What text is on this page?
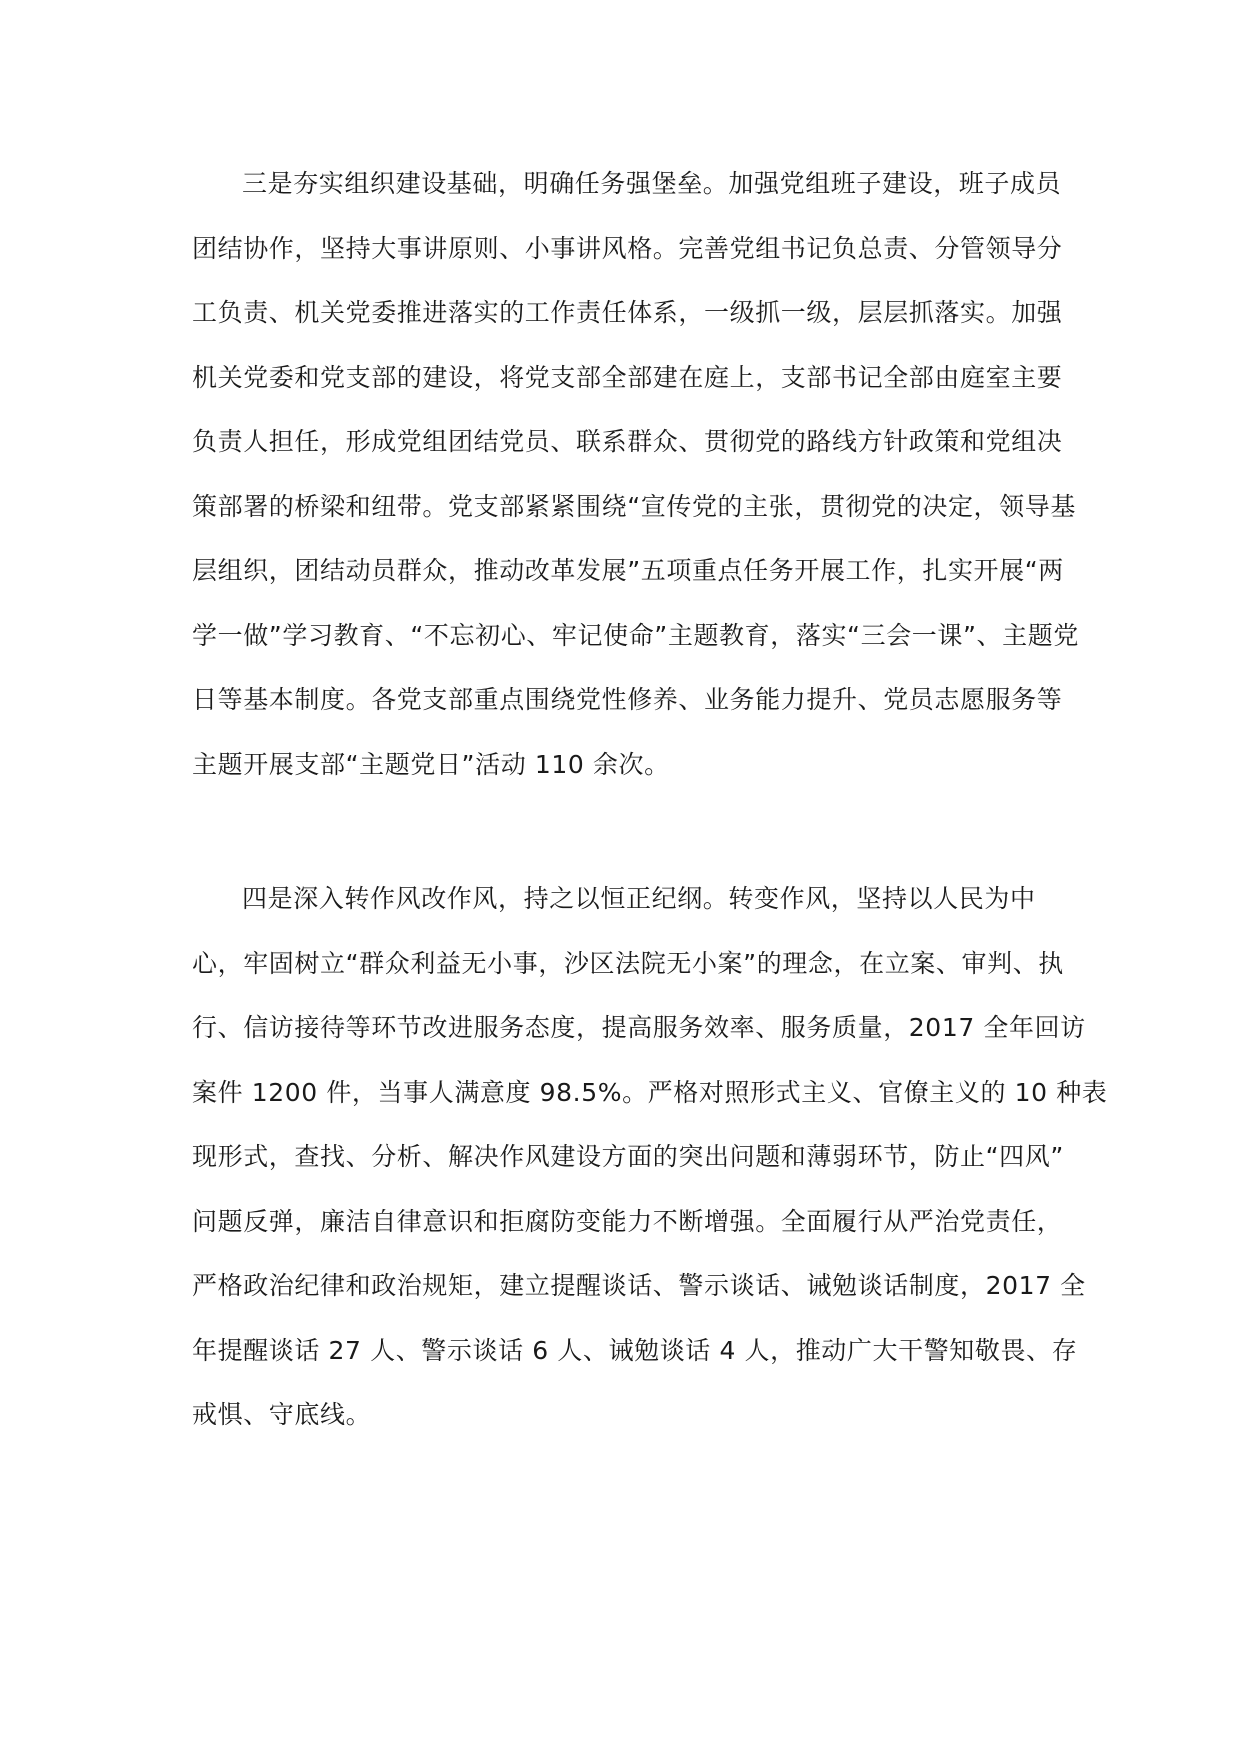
三是夯实组织建设基础，明确任务强堡垒。加强党组班子建设，班子成员
团结协作，坚持大事讲原则、小事讲风格。完善党组书记负总责、分管领导分
工负责、机关党委推进落实的工作责任体系，一级抓一级，层层抓落实。加强
机关党委和党支部的建设，将党支部全部建在庭上，支部书记全部由庭室主要
负责人担任，形成党组团结党员、联系群众、贯彻党的路线方针政策和党组决
策部署的桥梁和纽带。党支部紧紧围绕“宣传党的主张，贯彻党的决定，领导基
层组织，团结动员群众，推动改革发展”五项重点任务开展工作，扎实开展“两
学一做”学习教育、“不忘初心、牢记使命”主题教育，落实“三会一课”、主题党
日等基本制度。各党支部重点围绕党性修养、业务能力提升、党员志愿服务等
主题开展支部“主题党日”活动 110 余次。
四是深入转作风改作风，持之以恒正纪纲。转变作风，坚持以人民为中
心，牢固树立“群众利益无小事，沙区法院无小案”的理念，在立案、审判、执
行、信访接待等环节改进服务态度，提高服务效率、服务质量，2017 全年回访
案件 1200 件，当事人满意度 98.5%。严格对照形式主义、官僚主义的 10 种表
现形式，查找、分析、解决作风建设方面的突出问题和薄弱环节，防止“四风”
问题反弹，廉洁自律意识和拒腐防变能力不断增强。全面履行从严治党责任，
严格政治纪律和政治规矩，建立提醒谈话、警示谈话、诫勉谈话制度，2017 全
年提醒谈话 27 人、警示谈话 6 人、诫勉谈话 4 人，推动广大干警知敬畏、存
戒惧、守底线。
